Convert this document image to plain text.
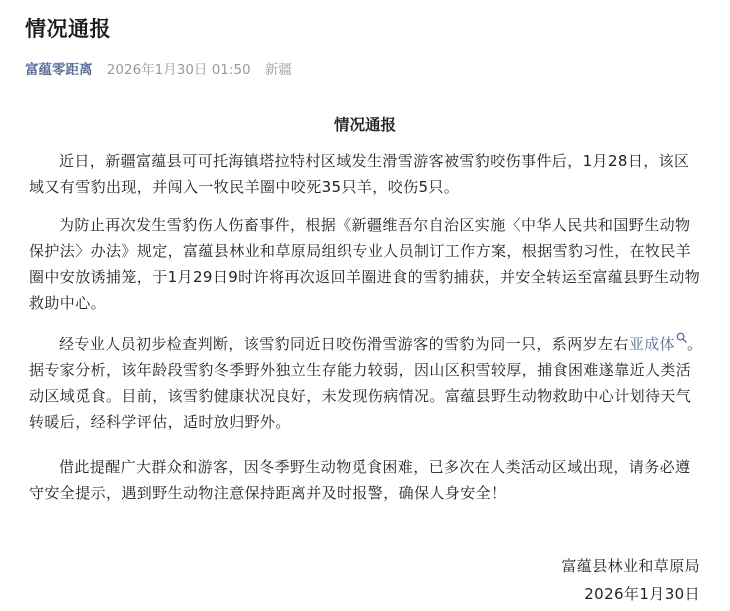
情况通报
富蕴零距离 2026年1月30日 01:50 新疆
情况通报

近日，新疆富蕴县可可托海镇塔拉特村区域发生滑雪游客被雪豹咬伤事件后，1月28日，该区域又有雪豹出现，并闯入一牧民羊圈中咬死35只羊，咬伤5只。

为防止再次发生雪豹伤人伤畜事件，根据《新疆维吾尔自治区实施〈中华人民共和国野生动物保护法〉办法》规定，富蕴县林业和草原局组织专业人员制订工作方案，根据雪豹习性，在牧民羊圈中安放诱捕笼，于1月29日9时许将再次返回羊圈进食的雪豹捕获，并安全转运至富蕴县野生动物救助中心。

经专业人员初步检查判断，该雪豹同近日咬伤滑雪游客的雪豹为同一只，系两岁左右亚成体 。据专家分析，该年龄段雪豹冬季野外独立生存能力较弱，因山区积雪较厚，捕食困难遂靠近人类活动区域觅食。目前，该雪豹健康状况良好，未发现伤病情况。富蕴县野生动物救助中心计划待天气转暖后，经科学评估，适时放归野外。

借此提醒广大群众和游客，因冬季野生动物觅食困难，已多次在人类活动区域出现，请务必遵守安全提示，遇到野生动物注意保持距离并及时报警，确保人身安全！

富蕴县林业和草原局
2026年1月30日
